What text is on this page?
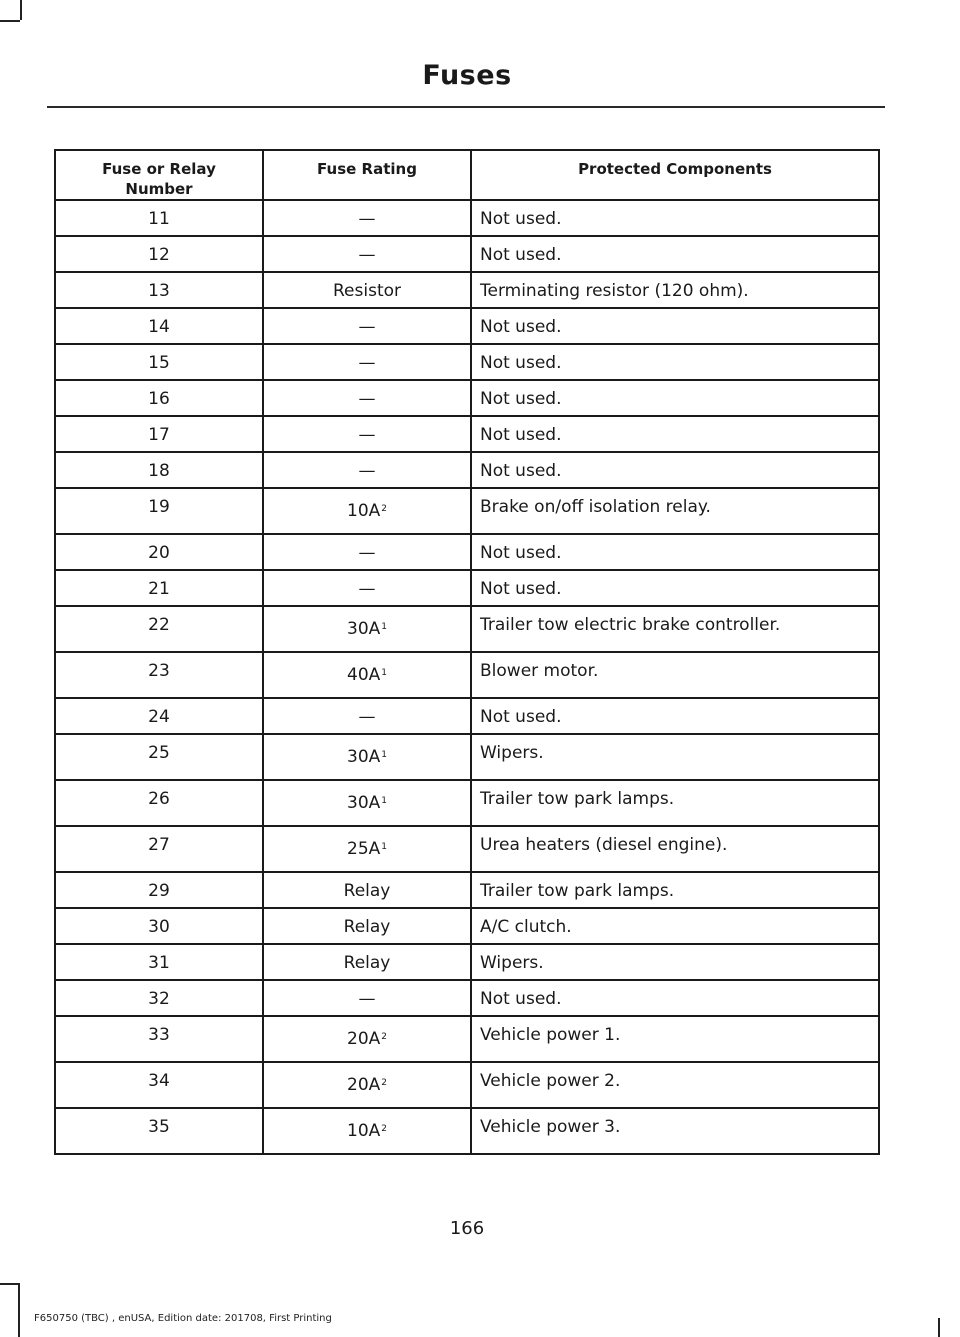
Fuses
Fuse or Relay Number	Fuse Rating	Protected Components
11	—	Not used.
12	—	Not used.
13	Resistor	Terminating resistor (120 ohm).
14	—	Not used.
15	—	Not used.
16	—	Not used.
17	—	Not used.
18	—	Not used.
19	$10A^2$	Brake on/off isolation relay.
20	—	Not used.
21	—	Not used.
22	$30A^1$	Trailer tow electric brake controller.
23	$40A^1$	Blower motor.
24	—	Not used.
25	$30A^1$	Wipers.
26	$30A^1$	Trailer tow park lamps.
27	$25A^1$	Urea heaters (diesel engine).
29	Relay	Trailer tow park lamps.
30	Relay	A/C clutch.
31	Relay	Wipers.
32	—	Not used.
33	$20A^2$	Vehicle power 1.
34	$20A^2$	Vehicle power 2.
35	$10A^2$	Vehicle power 3.
166
F650750 (TBC) , enUSA, Edition date: 201708, First Printing
